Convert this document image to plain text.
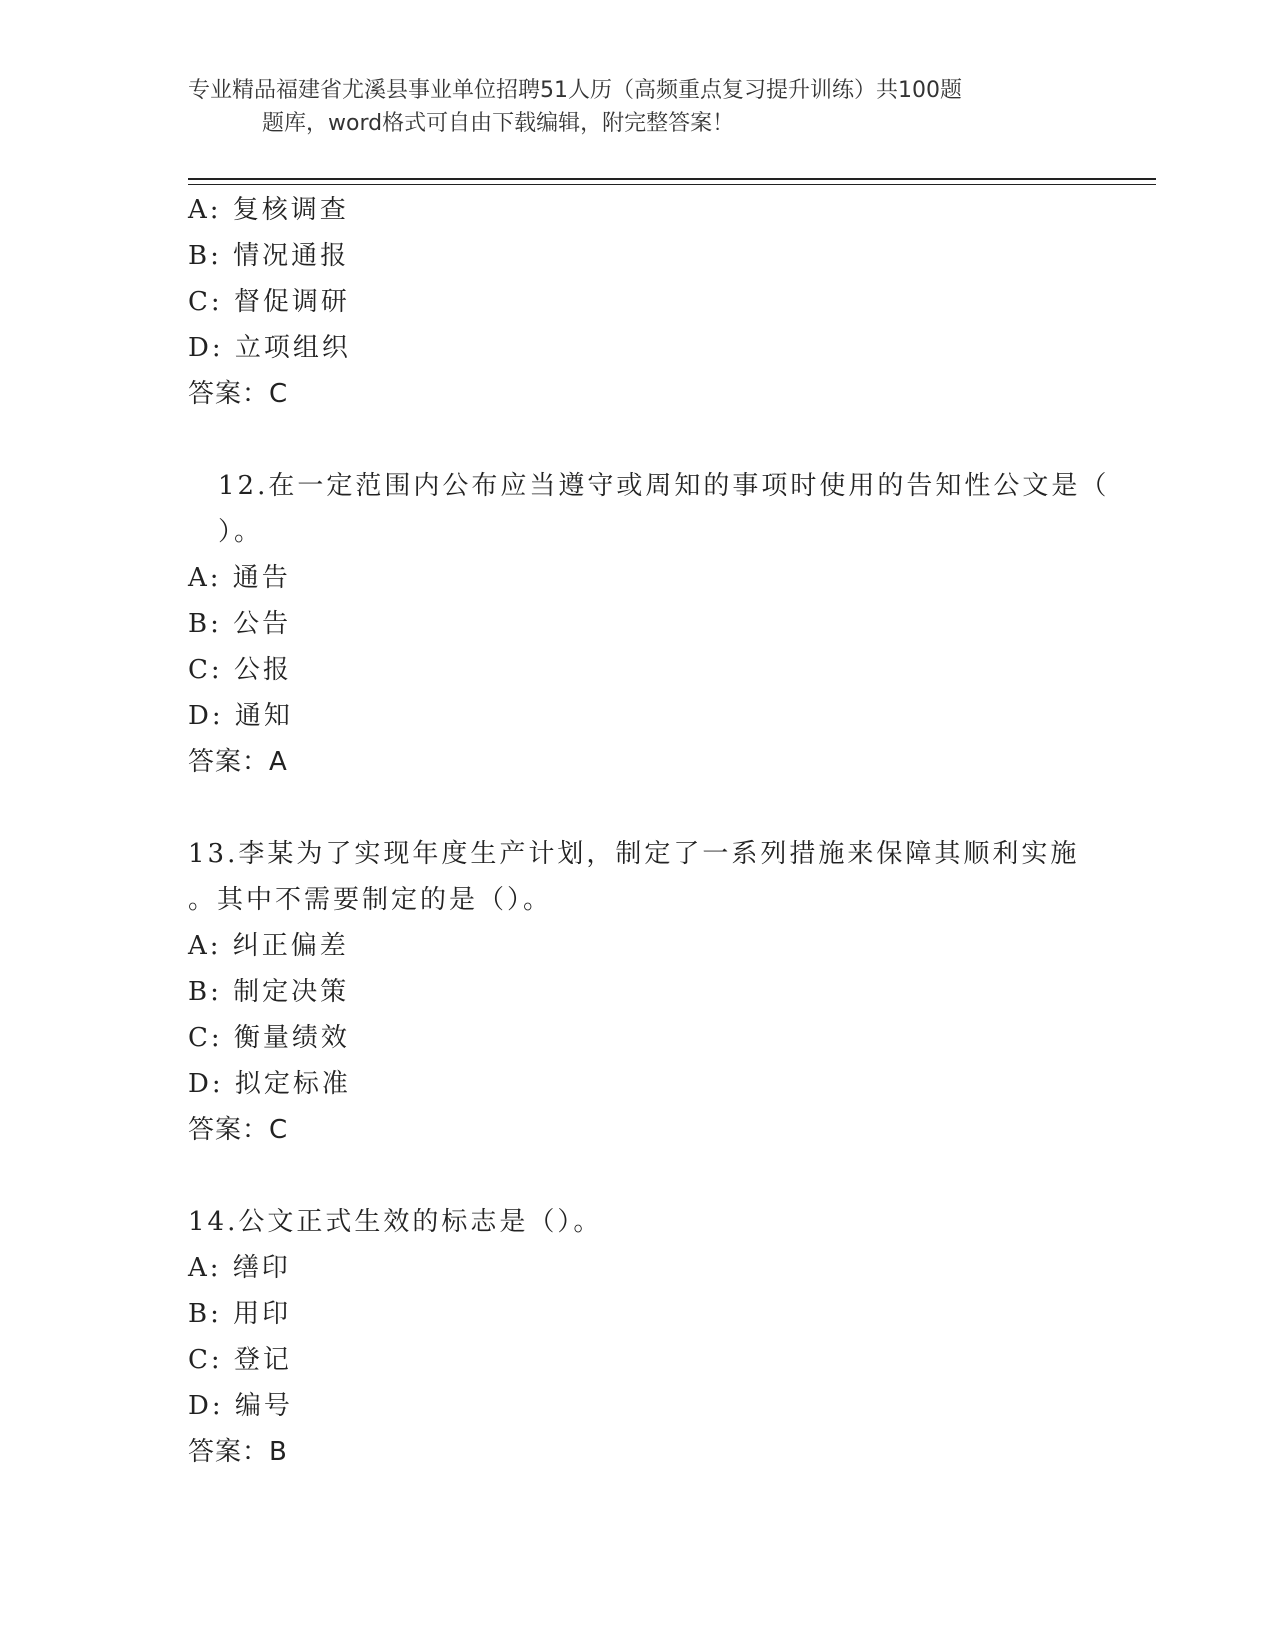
专业精品福建省尤溪县事业单位招聘51人历（高频重点复习提升训练）共100题
题库，word格式可自由下载编辑，附完整答案！
A: 复核调查
B: 情况通报
C: 督促调研
D: 立项组织
答案：C
12.在一定范围内公布应当遵守或周知的事项时使用的告知性公文是（
）。
A: 通告
B: 公告
C: 公报
D: 通知
答案：A
13.李某为了实现年度生产计划，制定了一系列措施来保障其顺利实施
。其中不需要制定的是（）。
A: 纠正偏差
B: 制定决策
C: 衡量绩效
D: 拟定标准
答案：C
14.公文正式生效的标志是（）。
A: 缮印
B: 用印
C: 登记
D: 编号
答案：B
